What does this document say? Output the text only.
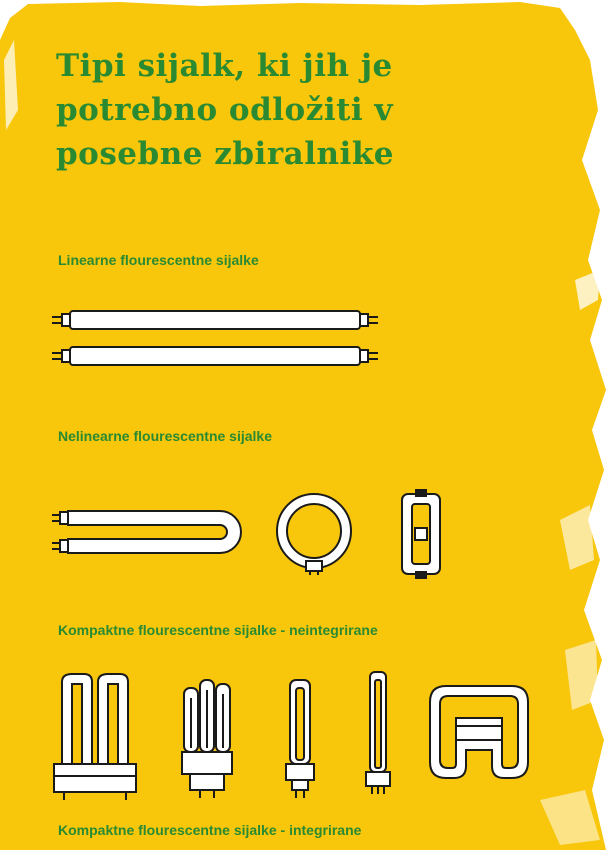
Tipi sijalk, ki jih je potrebno odložiti v posebne zbiralnike

Linearne flourescentne sijalke

Nelinearne flourescentne sijalke

Kompaktne flourescentne sijalke - neintegrirane

Kompaktne flourescentne sijalke - integrirane
